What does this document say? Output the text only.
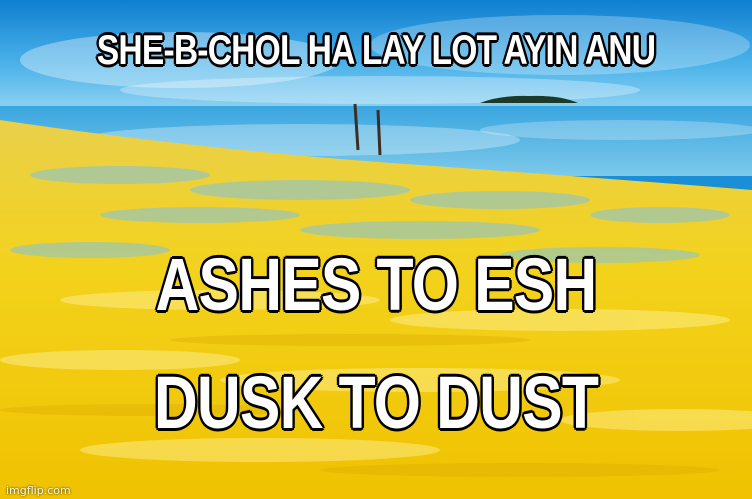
SHE-B-CHOL HA LAY LOT AYIN ANU

ASHES TO ESH

DUSK TO DUST

imgflip.com
